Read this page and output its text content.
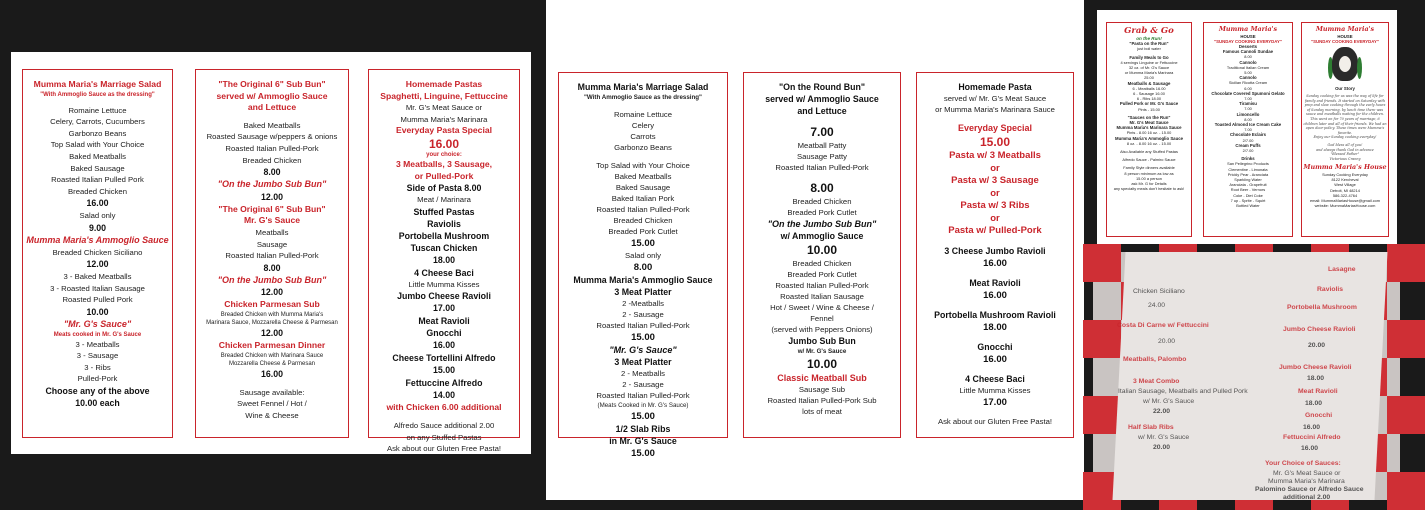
Mumma Maria's Marriage Salad
"With Ammoglio Sauce as the dressing"
Romaine Lettuce
Celery, Carrots, Cucumbers
Garbonzo Beans
Top Salad with Your Choice
Baked Meatballs
Baked Sausage
Roasted Italian Pulled Pork
Breaded Chicken
16.00
Salad only
9.00
Mumma Maria's Ammoglio Sauce
Breaded Chicken Siciliano
12.00
3 - Baked Meatballs
3 - Roasted Italian Sausage
Roasted Pulled Pork
10.00
"Mr. G's Sauce"
Meats cooked in Mr. G's Sauce
3 - Meatballs
3 - Sausage
3 - Ribs
Pulled-Pork
Choose any of the above
10.00 each
"The Original 6" Sub Bun"
served w/ Ammoglio Sauce
and Lettuce
Baked Meatballs
Roasted Sausage w/peppers & onions
Roasted Italian Pulled-Pork
Breaded Chicken
8.00
"On the Jumbo Sub Bun"
12.00
"The Original 6" Sub Bun"
Mr. G's Sauce
Meatballs
Sausage
Roasted Italian Pulled-Pork
8.00
"On the Jumbo Sub Bun"
12.00
Chicken Parmesan Sub
Breaded Chicken with Mumma Maria's
Marinara Sauce, Mozzarella Cheese & Parmesan
12.00
Chicken Parmesan Dinner
Breaded Chicken with Marinara Sauce
Mozzarella Cheese & Parmesan
16.00
Sausage available:
Sweet Fennel / Hot /
Wine & Cheese
Homemade Pastas
Spaghetti, Linguine, Fettuccine
Mr. G's Meat Sauce or
Mumma Maria's Marinara
Everyday Pasta Special
16.00
your choice:
3 Meatballs, 3 Sausage,
or Pulled-Pork
Side of Pasta 8.00
Meat / Marinara
Stuffed Pastas
Raviolis
Portobella Mushroom
Tuscan Chicken
18.00
4 Cheese Baci
Little Mumma Kisses
Jumbo Cheese Ravioli
17.00
Meat Ravioli
Gnocchi
16.00
Cheese Tortellini Alfredo
15.00
Fettuccine Alfredo
14.00
with Chicken 6.00 additional
Alfredo Sauce additional 2.00
on any Stuffed Pastas
Ask about our Gluten Free Pasta!
Mumma Maria's Marriage Salad
"With Ammoglio Sauce as the dressing"
Romaine Lettuce
Celery
Carrots
Garbonzo Beans
Top Salad with Your Choice
Baked Meatballs
Baked Sausage
Baked Italian Pork
Roasted Italian Pulled-Pork
Breaded Chicken
Breaded Pork Cutlet
15.00
Salad only
8.00
Mumma Maria's Ammoglio Sauce
3 Meat Platter
2 -Meatballs
2 - Sausage
Roasted Italian Pulled-Pork
15.00
"Mr. G's Sauce"
3 Meat Platter
2 - Meatballs
2 - Sausage
Roasted Italian Pulled-Pork
(Meats Cooked in Mr. G's Sauce)
15.00
1/2 Slab Ribs
in Mr. G's Sauce
15.00
"On the Round Bun"
served w/ Ammoglio Sauce
and Lettuce
7.00
Meatball Patty
Sausage Patty
Roasted Italian Pulled-Pork
8.00
Breaded Chicken
Breaded Pork Cutlet
"On the Jumbo Sub Bun"
w/ Ammoglio Sauce
10.00
Breaded Chicken
Breaded Pork Cutlet
Roasted Italian Pulled-Pork
Roasted Italian Sausage
Hot / Sweet / Wine & Cheese /
Fennel
(served with Peppers Onions)
Jumbo Sub Bun
w/ Mr. G's Sauce
10.00
Classic Meatball Sub
Sausage Sub
Roasted Italian Pulled-Pork Sub
lots of meat
Homemade Pasta
served w/ Mr. G's Meat Sauce
or Mumma Maria's Marinara Sauce
Everyday Special
15.00
Pasta w/ 3 Meatballs
or
Pasta w/ 3 Sausage
or
Pasta w/ 3 Ribs
or
Pasta w/ Pulled-Pork
3 Cheese Jumbo Ravioli
16.00
Meat Ravioli
16.00
Portobella Mushroom Ravioli
18.00
Gnocchi
16.00
4 Cheese Baci
Little Mumma Kisses
17.00
Ask about our Gluten Free Pasta!
Grab & Go
on the Run!
"Pasta on the Run"
just boil water
Family Meals to Go
4 servings Linguine or Fettuccine
32 oz. of Mr. G's Sauce
or Mumma Maria's Marinara
25.00
Meatballs & Sausage
6 - Meatballs 16.00
6 - Sausage 16.00
6 - Ribs 18.00
Pulled Pork or Mr. G's Sauce
Pints - 15.00
"Sauces on the Run"
Mr. G's Meat Sauce
Mumma Maria's Marinara Sauce
Pints - 8.00 16 oz. - 15.00
Mumma Maria's Ammoglio Sauce
8 oz. - 8.00 16 oz. - 15.00
Also Available any Stuffed Pastas
Alfredo Sauce - Palmiro Sauce
Family Style dinners available
8 person minimum as low as
15.00 a person
ask Mr. G for Details
any specialty meals don't hesitate to ask!
Mumma Maria's
HOUSE
"SUNDAY COOKING EVERYDAY"
Desserts
Famous Cannoli Sundae
8.00
Cannolo
Traditional Italian Cream
5.00
Cannolo
Sicilian Ricotta Cream
6.00
Chocolate Covered Spumoni Gelato
7.00
Tiramisu
7.00
Limoncello
8.00
Toasted Almond Ice Cream Cake
7.00
Chocolate Eclairs
2/7.00
Cream Puffs
2/7.00
Drinks
San Pellegrino Products
Clementine - Limonata
Prickly Pear - Aranciata
Sparkling Water
Aranciata - Grapefruit
Root Beer - Vernors
Coke - Diet Coke
7 up - Sprite - Squirt
Bottled Water
Mumma Maria's
HOUSE
"SUNDAY COOKING EVERYDAY"
Our Story
Sunday cooking for us was the way of life for
family and friends. It started on Saturday with
prep and slow cooking through the early hours
of Sunday morning, by lunch time there was
sauce and meatballs waiting for the children.
This went on for 70 years of marriage, 6
children later and all of their friends. We had an
open door policy. These times were Mumma's
favorite.
Enjoy our Sunday cooking everyday!
God bless all of you!
and always thank God in advance
"Blessed Father"
Victorious Cranny
Mumma Maria's House
Sunday Cooking Everyday
8122 Kercheval
West Village
Detroit, MI 48214
586-322-4764
email: MummaMariasHouse@gmail.com
website: MummaMariasHouse.com
Chicken Siciliano
Lasagne
Raviolis
24.00	Portobella Mushroom
Costa Di Carne w/ Fettuccini
Jumbo Cheese Ravioli
20.00
20.00
Meatballs, Palombo
Jumbo Cheese Ravioli
18.00
Meat Ravioli
18.00
Gnocchi
3 Meat Combo
Italian Sausage, Meatballs and Pulled Pork
w/ Mr. G's Sauce
22.00
16.00
Fettuccini Alfredo
16.00
Half Slab Ribs
w/ Mr. G's Sauce
20.00
Your Choice of Sauces:
Mr. G's Meat Sauce or
Mumma Maria's Marinara
Palomino Sauce or Alfredo Sauce
additional 2.00
